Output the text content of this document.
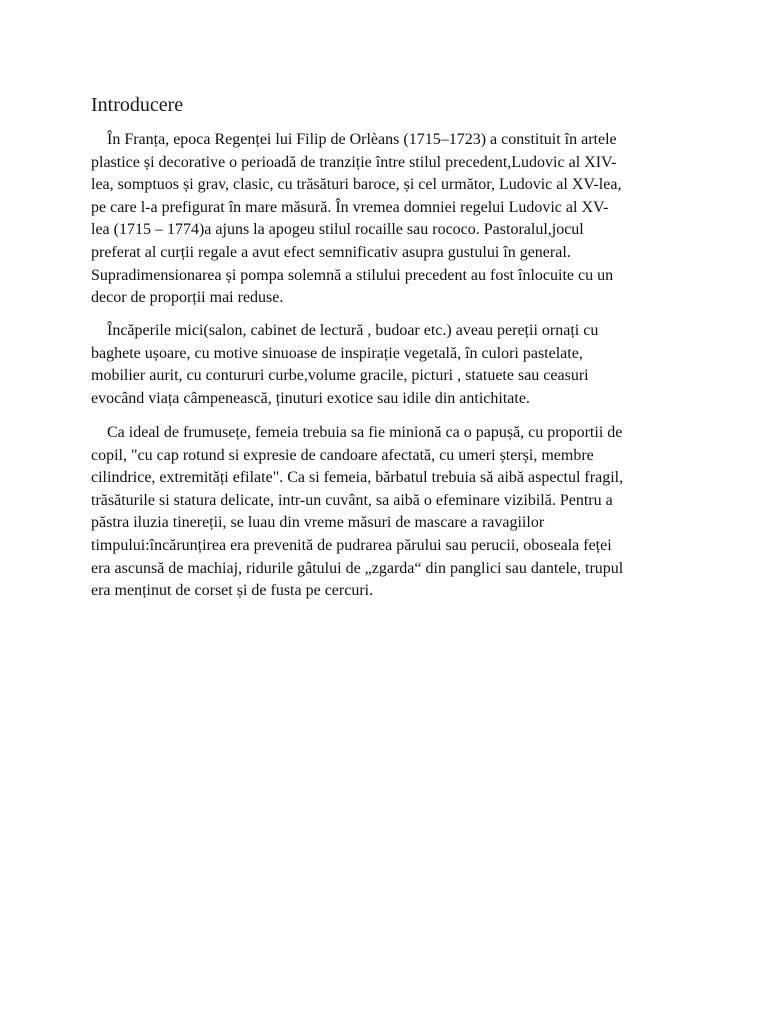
Introducere
În Franța, epoca Regenței lui Filip de Orlèans (1715–1723) a constituit în artele
plastice și decorative o perioadă de tranziție între stilul precedent,Ludovic al XIV-
lea, somptuos și grav, clasic, cu trăsături baroce, și cel următor, Ludovic al XV-lea,
pe care l-a prefigurat în mare măsură. În vremea domniei regelui Ludovic al XV-
lea (1715 – 1774)a ajuns la apogeu stilul rocaille sau rococo. Pastoralul,jocul
preferat al curții regale a avut efect semnificativ asupra gustului în general.
Supradimensionarea și pompa solemnă a stilului precedent au fost înlocuite cu un
decor de proporții mai reduse.
Încăperile mici(salon, cabinet de lectură , budoar etc.) aveau pereții ornați cu
baghete ușoare, cu motive sinuoase de inspirație vegetală, în culori pastelate,
mobilier aurit, cu contururi curbe,volume gracile, picturi , statuete sau ceasuri
evocând viața câmpenească, ținuturi exotice sau idile din antichitate.
Ca ideal de frumusețe, femeia trebuia sa fie minionă ca o papușă, cu proportii de
copil, "cu cap rotund si expresie de candoare afectată, cu umeri șterși, membre
cilindrice, extremități efilate". Ca si femeia, bărbatul trebuia să aibă aspectul fragil,
trăsăturile si statura delicate, intr-un cuvânt, sa aibă o efeminare vizibilă. Pentru a
păstra iluzia tinereții, se luau din vreme măsuri de mascare a ravagiilor
timpului:încărunțirea era prevenită de pudrarea părului sau perucii, oboseala feței
era ascunsă de machiaj, ridurile gâtului de „zgarda“ din panglici sau dantele, trupul
era menținut de corset și de fusta pe cercuri.
